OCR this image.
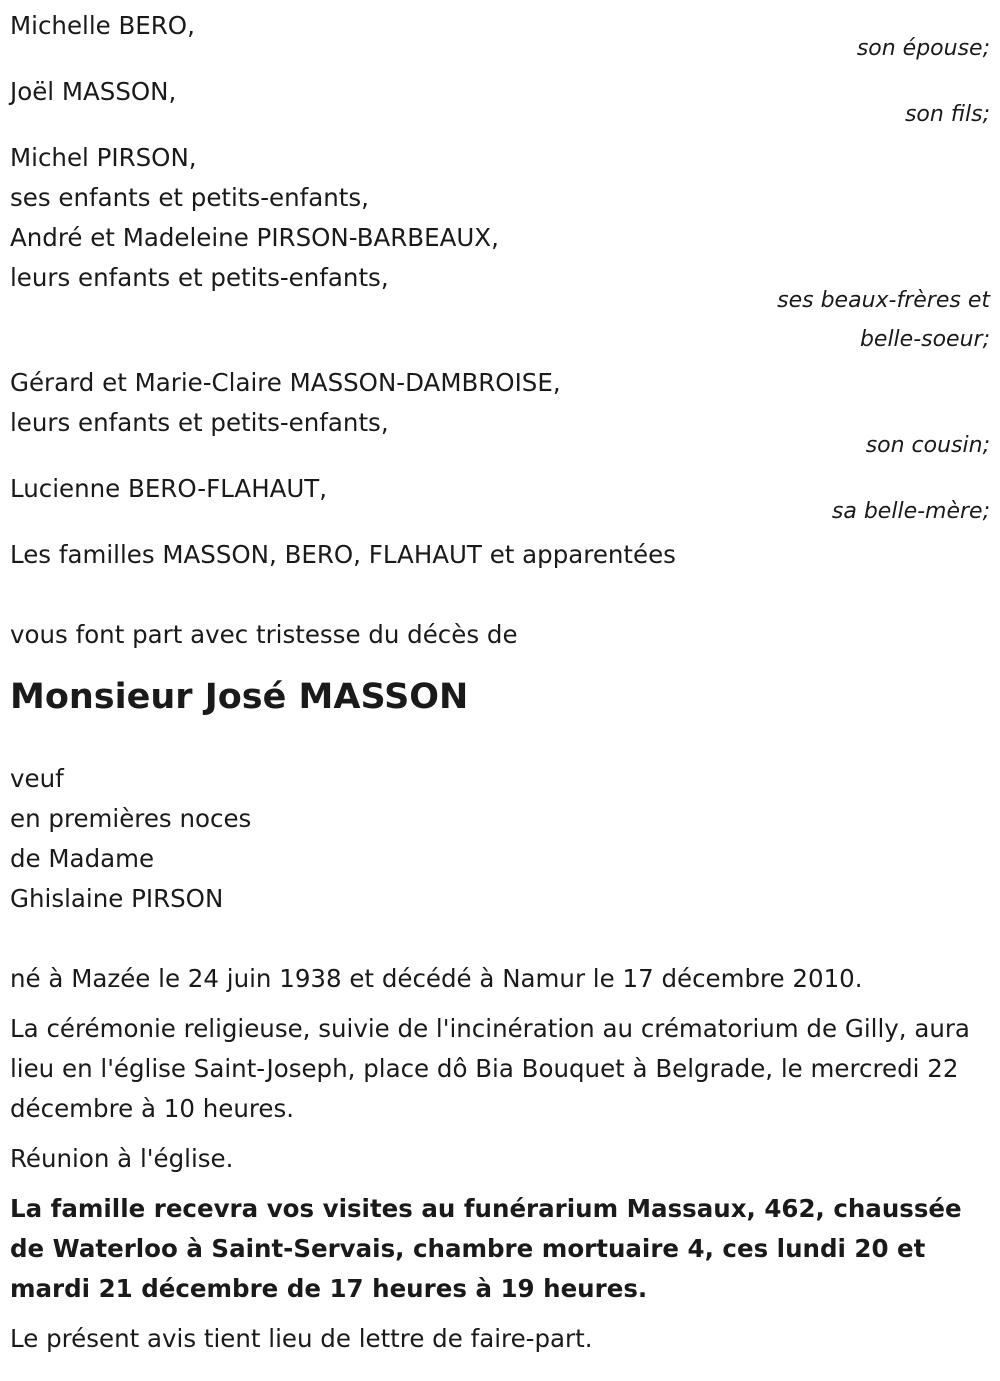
Michelle BERO,
son épouse;
Joël MASSON,
son fils;
Michel PIRSON,
ses enfants et petits-enfants,
André et Madeleine PIRSON-BARBEAUX,
leurs enfants et petits-enfants,
ses beaux-frères et
belle-soeur;
Gérard et Marie-Claire MASSON-DAMBROISE,
leurs enfants et petits-enfants,
son cousin;
Lucienne BERO-FLAHAUT,
sa belle-mère;
Les familles MASSON, BERO, FLAHAUT et apparentées
vous font part avec tristesse du décès de
Monsieur José MASSON
veuf
en premières noces
de Madame
Ghislaine PIRSON
né à Mazée le 24 juin 1938 et décédé à Namur le 17 décembre 2010.
La cérémonie religieuse, suivie de l'incinération au crématorium de Gilly, aura lieu en l'église Saint-Joseph, place dô Bia Bouquet à Belgrade, le mercredi 22 décembre à 10 heures.
Réunion à l'église.
La famille recevra vos visites au funérarium Massaux, 462, chaussée de Waterloo à Saint-Servais, chambre mortuaire 4, ces lundi 20 et mardi 21 décembre de 17 heures à 19 heures.
Le présent avis tient lieu de lettre de faire-part.
